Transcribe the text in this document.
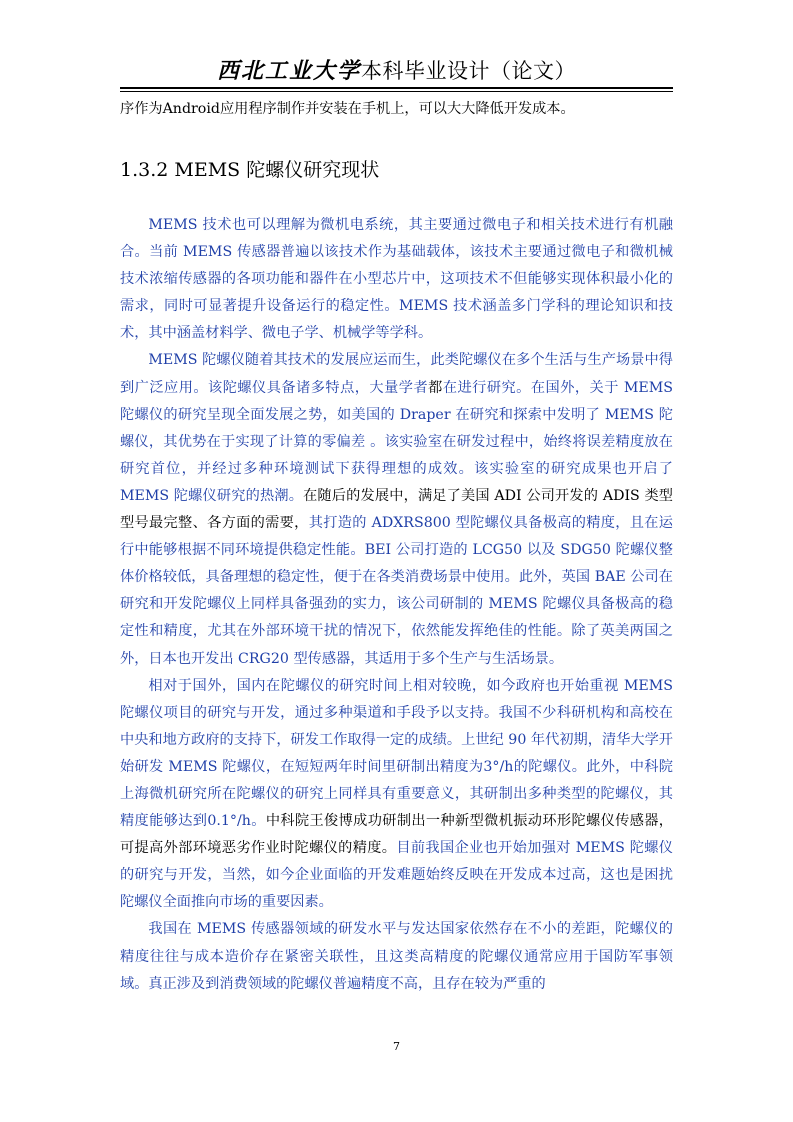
西北工业大学本科毕业设计（论文）
序作为Android应用程序制作并安装在手机上，可以大大降低开发成本。
1.3.2 MEMS 陀螺仪研究现状

MEMS 技术也可以理解为微机电系统，其主要通过微电子和相关技术进行有机融合。当前 MEMS 传感器普遍以该技术作为基础载体，该技术主要通过微电子和微机械技术浓缩传感器的各项功能和器件在小型芯片中，这项技术不但能够实现体积最小化的需求，同时可显著提升设备运行的稳定性。MEMS 技术涵盖多门学科的理论知识和技术，其中涵盖材料学、微电子学、机械学等学科。

MEMS 陀螺仪随着其技术的发展应运而生，此类陀螺仪在多个生活与生产场景中得到广泛应用。该陀螺仪具备诸多特点，大量学者都在进行研究。在国外，关于 MEMS 陀螺仪的研究呈现全面发展之势，如美国的 Draper 在研究和探索中发明了 MEMS 陀螺仪，其优势在于实现了计算的零偏差 。该实验室在研发过程中，始终将误差精度放在研究首位，并经过多种环境测试下获得理想的成效。该实验室的研究成果也开启了 MEMS 陀螺仪研究的热潮。在随后的发展中，满足了美国 ADI 公司开发的 ADIS 类型型号最完整、各方面的需要，其打造的 ADXRS800 型陀螺仪具备极高的精度，且在运行中能够根据不同环境提供稳定性能。BEI 公司打造的 LCG50 以及 SDG50 陀螺仪整体价格较低，具备理想的稳定性，便于在各类消费场景中使用。此外，英国 BAE 公司在研究和开发陀螺仪上同样具备强劲的实力，该公司研制的 MEMS 陀螺仪具备极高的稳定性和精度，尤其在外部环境干扰的情况下，依然能发挥绝佳的性能。除了英美两国之外，日本也开发出 CRG20 型传感器，其适用于多个生产与生活场景。

相对于国外，国内在陀螺仪的研究时间上相对较晚，如今政府也开始重视 MEMS 陀螺仪项目的研究与开发，通过多种渠道和手段予以支持。我国不少科研机构和高校在中央和地方政府的支持下，研发工作取得一定的成绩。上世纪 90 年代初期，清华大学开始研发 MEMS 陀螺仪，在短短两年时间里研制出精度为3°/h的陀螺仪。此外，中科院上海微机研究所在陀螺仪的研究上同样具有重要意义，其研制出多种类型的陀螺仪，其精度能够达到0.1°/h。中科院王俊博成功研制出一种新型微机振动环形陀螺仪传感器，可提高外部环境恶劣作业时陀螺仪的精度。目前我国企业也开始加强对 MEMS 陀螺仪的研究与开发，当然，如今企业面临的开发难题始终反映在开发成本过高，这也是困扰陀螺仪全面推向市场的重要因素。

我国在 MEMS 传感器领域的研发水平与发达国家依然存在不小的差距，陀螺仪的精度往往与成本造价存在紧密关联性，且这类高精度的陀螺仪通常应用于国防军事领域。真正涉及到消费领域的陀螺仪普遍精度不高，且存在较为严重的

7
